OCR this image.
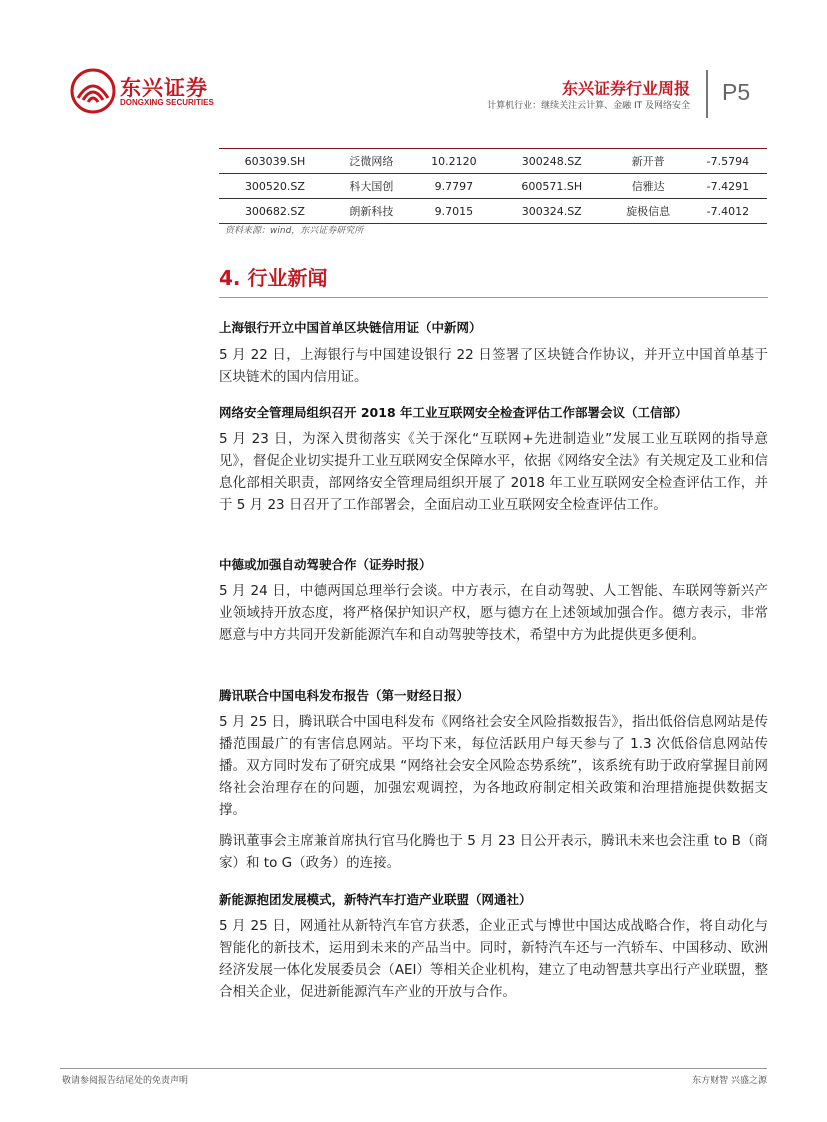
东兴证券
DONGXING SECURITIES
东兴证券行业周报
计算机行业：继续关注云计算、金融 IT 及网络安全
P5
603039.SH	泛微网络	10.2120	300248.SZ	新开普	-7.5794
300520.SZ	科大国创	9.7797	600571.SH	信雅达	-7.4291
300682.SZ	朗新科技	9.7015	300324.SZ	旋极信息	-7.4012
资料来源：wind，东兴证券研究所
4. 行业新闻
上海银行开立中国首单区块链信用证（中新网）
5 月 22 日，上海银行与中国建设银行 22 日签署了区块链合作协议，并开立中国首单基于区块链术的国内信用证。
网络安全管理局组织召开 2018 年工业互联网安全检查评估工作部署会议（工信部）
5 月 23 日，为深入贯彻落实《关于深化“互联网+先进制造业”发展工业互联网的指导意见》，督促企业切实提升工业互联网安全保障水平，依据《网络安全法》有关规定及工业和信息化部相关职责，部网络安全管理局组织开展了 2018 年工业互联网安全检查评估工作，并于 5 月 23 日召开了工作部署会，全面启动工业互联网安全检查评估工作。
中德或加强自动驾驶合作（证券时报）
5 月 24 日，中德两国总理举行会谈。中方表示，在自动驾驶、人工智能、车联网等新兴产业领域持开放态度，将严格保护知识产权，愿与德方在上述领域加强合作。德方表示，非常愿意与中方共同开发新能源汽车和自动驾驶等技术，希望中方为此提供更多便利。
腾讯联合中国电科发布报告（第一财经日报）
5 月 25 日，腾讯联合中国电科发布《网络社会安全风险指数报告》，指出低俗信息网站是传播范围最广的有害信息网站。平均下来，每位活跃用户每天参与了 1.3 次低俗信息网站传播。双方同时发布了研究成果 “网络社会安全风险态势系统”，该系统有助于政府掌握目前网络社会治理存在的问题，加强宏观调控，为各地政府制定相关政策和治理措施提供数据支撑。
腾讯董事会主席兼首席执行官马化腾也于 5 月 23 日公开表示，腾讯未来也会注重 to B（商家）和 to G（政务）的连接。
新能源抱团发展模式，新特汽车打造产业联盟（网通社）
5 月 25 日，网通社从新特汽车官方获悉，企业正式与博世中国达成战略合作，将自动化与智能化的新技术，运用到未来的产品当中。同时，新特汽车还与一汽轿车、中国移动、欧洲经济发展一体化发展委员会（AEI）等相关企业机构，建立了电动智慧共享出行产业联盟，整合相关企业，促进新能源汽车产业的开放与合作。
敬请参阅报告结尾处的免责声明	东方财智 兴盛之源
